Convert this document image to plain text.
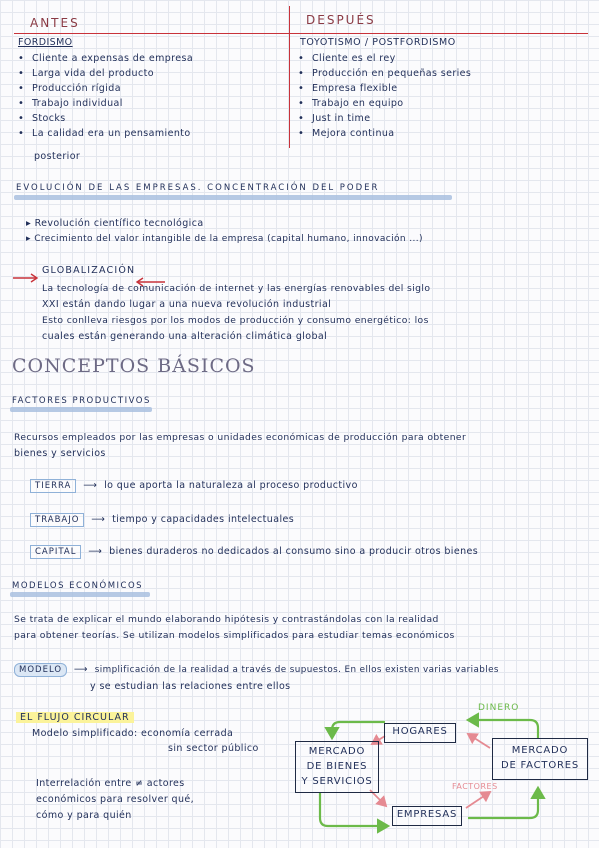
ANTES	DESPUÉS
FORDISMO
• Cliente a expensas de empresa
• Larga vida del producto
• Producción rígida
• Trabajo individual
• Stocks
• La calidad era un pensamiento
posterior
TOYOTISMO / POSTFORDISMO
• Cliente es el rey
• Producción en pequeñas series
• Empresa flexible
• Trabajo en equipo
• Just in time
• Mejora continua
EVOLUCIÓN DE LAS EMPRESAS. CONCENTRACIÓN DEL PODER
▸ Revolución científico tecnológica
▸ Crecimiento del valor intangible de la empresa (capital humano, innovación ...)
GLOBALIZACIÓN
La tecnología de comunicación de internet y las energías renovables del siglo
XXI están dando lugar a una nueva revolución industrial
Esto conlleva riesgos por los modos de producción y consumo energético: los
cuales están generando una alteración climática global
CONCEPTOS BÁSICOS
FACTORES PRODUCTIVOS
Recursos empleados por las empresas o unidades económicas de producción para obtener
bienes y servicios
TIERRA  ⟶  lo que aporta la naturaleza al proceso productivo
TRABAJO  ⟶  tiempo y capacidades intelectuales
CAPITAL  ⟶  bienes duraderos no dedicados al consumo sino a producir otros bienes
MODELOS ECONÓMICOS
Se trata de explicar el mundo elaborando hipótesis y contrastándolas con la realidad
para obtener teorías. Se utilizan modelos simplificados para estudiar temas económicos
MODELO  ⟶  simplificación de la realidad a través de supuestos. En ellos existen varias variables
y se estudian las relaciones entre ellos
EL FLUJO CIRCULAR
Modelo simplificado: economía cerrada
sin sector público
Interrelación entre ≠ actores
económicos para resolver qué,
cómo y para quién
HOGARES
MERCADO
DE BIENES
Y SERVICIOS
MERCADO
DE FACTORES
EMPRESAS
DINERO
FACTORES
